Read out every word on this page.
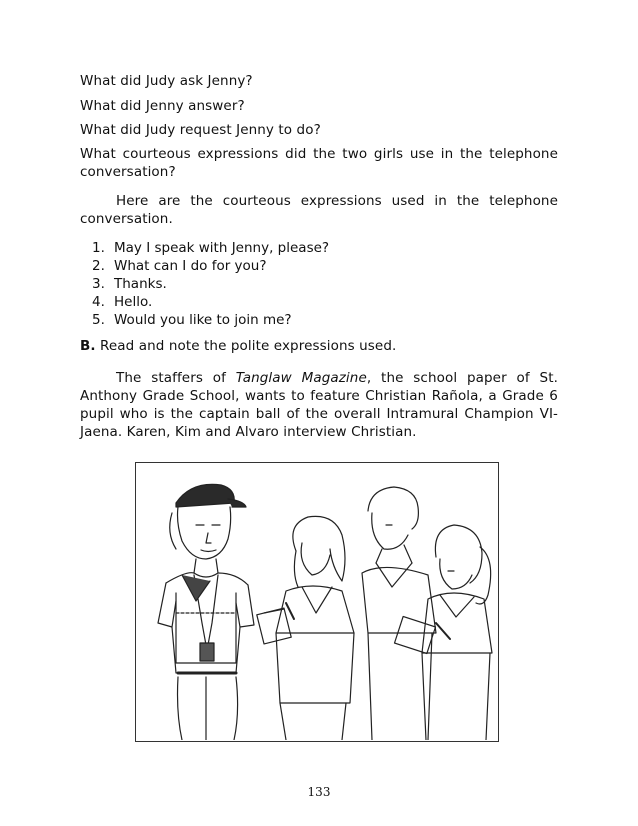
What did Judy ask Jenny?
What did Jenny answer?
What did Judy request Jenny to do?
What courteous expressions did the two girls use in the telephone conversation?
Here are the courteous expressions used in the telephone conversation.
1. May I speak with Jenny, please?
2. What can I do for you?
3. Thanks.
4. Hello.
5. Would you like to join me?
B. Read and note the polite expressions used.
The staffers of Tanglaw Magazine, the school paper of St. Anthony Grade School, wants to feature Christian Rañola, a Grade 6 pupil who is the captain ball of the overall Intramural Champion VI-Jaena. Karen, Kim and Alvaro interview Christian.
133
